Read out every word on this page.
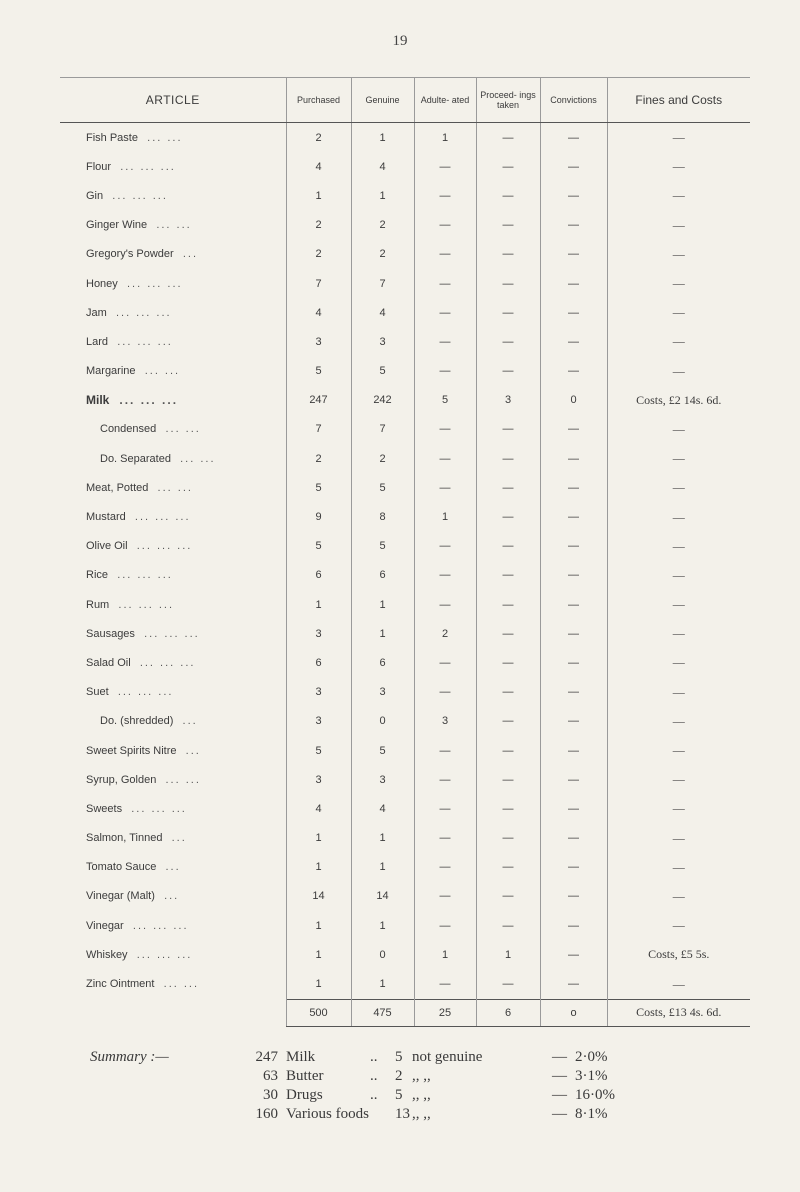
19
ARTICLE	Purchased	Genuine	Adulte- ated	Proceed- ings taken	Convictions	Fines and Costs
Fish Paste ... ...	2	1	1	—	—	—
Flour ... ... ...	4	4	—	—	—	—
Gin ... ... ...	1	1	—	—	—	—
Ginger Wine ... ...	2	2	—	—	—	—
Gregory's Powder ...	2	2	—	—	—	—
Honey ... ... ...	7	7	—	—	—	—
Jam ... ... ...	4	4	—	—	—	—
Lard ... ... ...	3	3	—	—	—	—
Margarine ... ...	5	5	—	—	—	—
Milk ... ... ...	247	242	5	3	0	Costs, £2 14s. 6d.
Condensed ... ...	7	7	—	—	—	—
Do. Separated ... ...	2	2	—	—	—	—
Meat, Potted ... ...	5	5	—	—	—	—
Mustard ... ... ...	9	8	1	—	—	—
Olive Oil ... ... ...	5	5	—	—	—	—
Rice ... ... ...	6	6	—	—	—	—
Rum ... ... ...	1	1	—	—	—	—
Sausages ... ... ...	3	1	2	—	—	—
Salad Oil ... ... ...	6	6	—	—	—	—
Suet ... ... ...	3	3	—	—	—	—
Do. (shredded) ...	3	0	3	—	—	—
Sweet Spirits Nitre ...	5	5	—	—	—	—
Syrup, Golden ... ...	3	3	—	—	—	—
Sweets ... ... ...	4	4	—	—	—	—
Salmon, Tinned ...	1	1	—	—	—	—
Tomato Sauce ...	1	1	—	—	—	—
Vinegar (Malt) ...	14	14	—	—	—	—
Vinegar ... ... ...	1	1	—	—	—	—
Whiskey ... ... ...	1	0	1	1	—	Costs, £5 5s.
Zinc Ointment ... ...	1	1	—	—	—	—
	500	475	25	6	o	Costs, £13 4s. 6d.
Summary :—	247 Milk	.. 5 not genuine	— 2·0%
63 Butter	.. 2 ,, ,,	— 3·1%
30 Drugs	.. 5 ,, ,,	— 16·0%
160 Various foods 13 ,, ,,	— 8·1%
